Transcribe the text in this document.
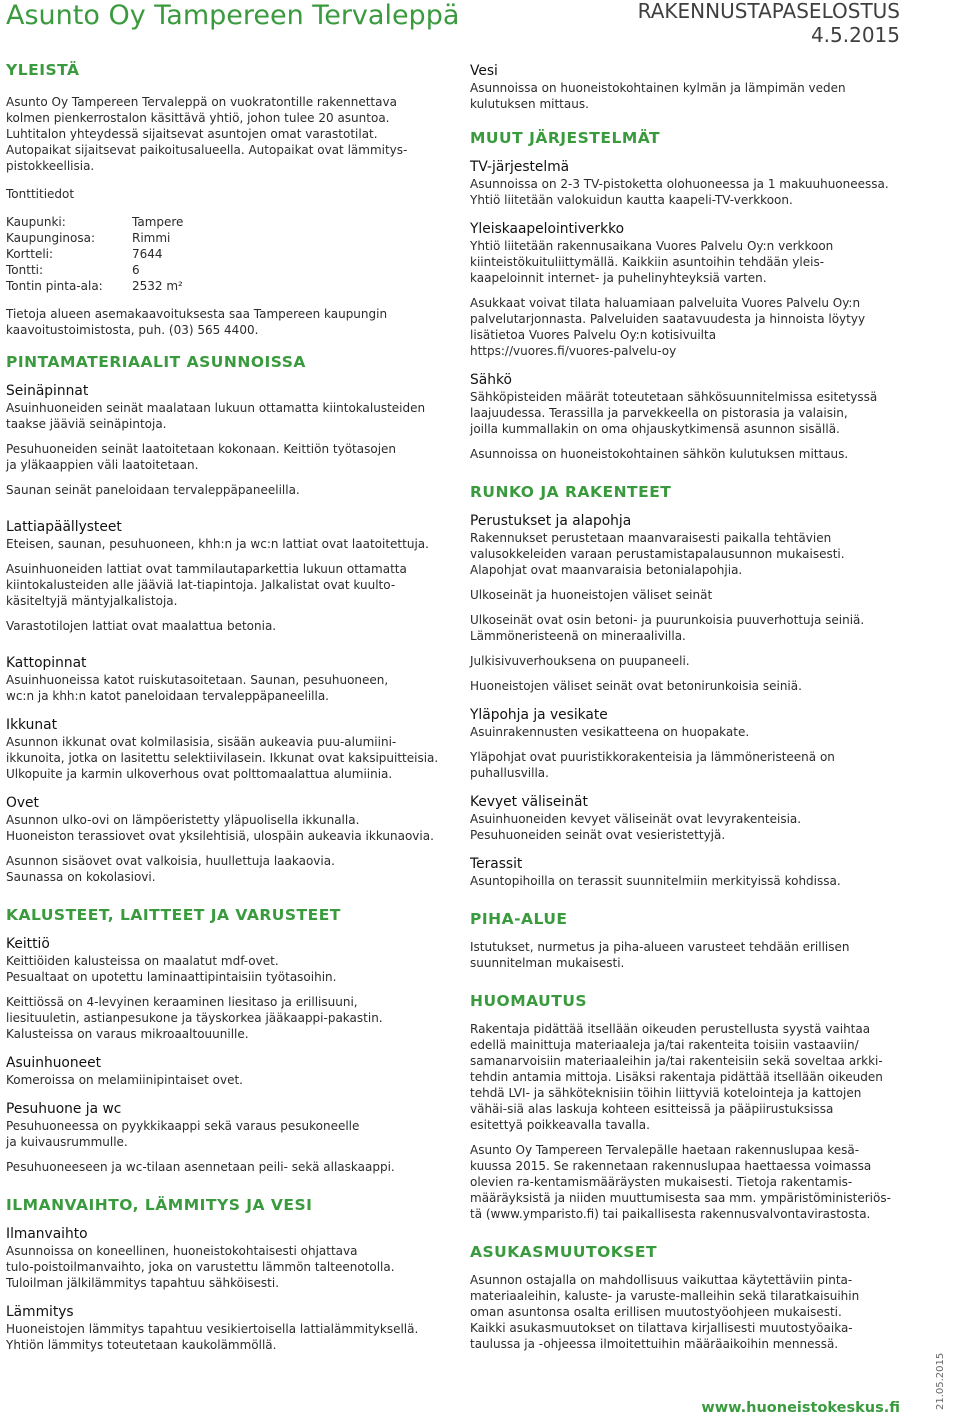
Asunto Oy Tampereen Tervaleppä	RAKENNUSTAPASELOSTUS
4.5.2015
YLEISTÄ
Asunto Oy Tampereen Tervaleppä on vuokratontille rakennettava
kolmen pienkerrostalon käsittävä yhtiö, johon tulee 20 asuntoa.
Luhtitalon yhteydessä sijaitsevat asuntojen omat varastotilat.
Autopaikat sijaitsevat paikoitusalueella. Autopaikat ovat lämmitys-
pistokkeellisia.
Tonttitiedot
Kaupunki:	Tampere
Kaupunginosa:	Rimmi
Kortteli:	7644
Tontti:	6
Tontin pinta-ala:	2532 m²
Tietoja alueen asemakaavoituksesta saa Tampereen kaupungin
kaavoitustoimistosta, puh. (03) 565 4400.
PINTAMATERIAALIT ASUNNOISSA
Seinäpinnat
Asuinhuoneiden seinät maalataan lukuun ottamatta kiintokalusteiden
taakse jääviä seinäpintoja.
Pesuhuoneiden seinät laatoitetaan kokonaan. Keittiön työtasojen
ja yläkaappien väli laatoitetaan.
Saunan seinät paneloidaan tervaleppäpaneelilla.
Lattiapäällysteet
Eteisen, saunan, pesuhuoneen, khh:n ja wc:n lattiat ovat laatoitettuja.
Asuinhuoneiden lattiat ovat tammilautaparkettia lukuun ottamatta
kiintokalusteiden alle jääviä lat-tiapintoja. Jalkalistat ovat kuulto-
käsiteltyjä mäntyjalkalistoja.
Varastotilojen lattiat ovat maalattua betonia.
Kattopinnat
Asuinhuoneissa katot ruiskutasoitetaan. Saunan, pesuhuoneen,
wc:n ja khh:n katot paneloidaan tervaleppäpaneelilla.
Ikkunat
Asunnon ikkunat ovat kolmilasisia, sisään aukeavia puu-alumiini-
ikkunoita, jotka on lasitettu selektiivilasein. Ikkunat ovat kaksipuitteisia. Ulkopuite ja karmin ulkoverhous ovat polttomaalattua alumiinia.
Ovet
Asunnon ulko-ovi on lämpöeristetty yläpuolisella ikkunalla.
Huoneiston terassiovet ovat yksilehtisiä, ulospäin aukeavia ikkunaovia.
Asunnon sisäovet ovat valkoisia, huullettuja laakaovia.
Saunassa on kokolasiovi.
KALUSTEET, LAITTEET JA VARUSTEET
Keittiö
Keittiöiden kalusteissa on maalatut mdf-ovet.
Pesualtaat on upotettu laminaattipintaisiin työtasoihin.
Keittiössä on 4-levyinen keraaminen liesitaso ja erillisuuni,
liesituuletin, astianpesukone ja täyskorkea jääkaappi-pakastin.
Kalusteissa on varaus mikroaaltouunille.
Asuinhuoneet
Komeroissa on melamiinipintaiset ovet.
Pesuhuone ja wc
Pesuhuoneessa on pyykkikaappi sekä varaus pesukoneelle
ja kuivausrummulle.
Pesuhuoneeseen ja wc-tilaan asennetaan peili- sekä allaskaappi.
ILMANVAIHTO, LÄMMITYS JA VESI
Ilmanvaihto
Asunnoissa on koneellinen, huoneistokohtaisesti ohjattava
tulo-poistoilmanvaihto, joka on varustettu lämmön talteenotolla.
Tuloilman jälkilämmitys tapahtuu sähköisesti.
Lämmitys
Huoneistojen lämmitys tapahtuu vesikiertoisella lattialämmityksellä.
Yhtiön lämmitys toteutetaan kaukolämmöllä.
Vesi
Asunnoissa on huoneistokohtainen kylmän ja lämpimän veden
kulutuksen mittaus.
MUUT JÄRJESTELMÄT
TV-järjestelmä
Asunnoissa on 2-3 TV-pistoketta olohuoneessa ja 1 makuuhuoneessa.
Yhtiö liitetään valokuidun kautta kaapeli-TV-verkkoon.
Yleiskaapelointiverkko
Yhtiö liitetään rakennusaikana Vuores Palvelu Oy:n verkkoon
kiinteistökuituliittymällä. Kaikkiin asuntoihin tehdään yleis-
kaapeloinnit internet- ja puhelinyhteyksiä varten.
Asukkaat voivat tilata haluamiaan palveluita Vuores Palvelu Oy:n
palvelutarjonnasta. Palveluiden saatavuudesta ja hinnoista löytyy
lisätietoa Vuores Palvelu Oy:n kotisivuilta
https://vuores.fi/vuores-palvelu-oy
Sähkö
Sähköpisteiden määrät toteutetaan sähkösuunnitelmissa esitetyssä
laajuudessa. Terassilla ja parvekkeella on pistorasia ja valaisin,
joilla kummallakin on oma ohjauskytkimensä asunnon sisällä.
Asunnoissa on huoneistokohtainen sähkön kulutuksen mittaus.
RUNKO JA RAKENTEET
Perustukset ja alapohja
Rakennukset perustetaan maanvaraisesti paikalla tehtävien
valusokkeleiden varaan perustamistapalausunnon mukaisesti.
Alapohjat ovat maanvaraisia betonialapohjia.
Ulkoseinät ja huoneistojen väliset seinät
Ulkoseinät ovat osin betoni- ja puurunkoisia puuverhottuja seiniä.
Lämmöneristeenä on mineraalivilla.
Julkisivuverhouksena on puupaneeli.
Huoneistojen väliset seinät ovat betonirunkoisia seiniä.
Yläpohja ja vesikate
Asuinrakennusten vesikatteena on huopakate.
Yläpohjat ovat puuristikkorakenteisia ja lämmöneristeenä on
puhallusvilla.
Kevyet väliseinät
Asuinhuoneiden kevyet väliseinät ovat levyrakenteisia.
Pesuhuoneiden seinät ovat vesieristettyjä.
Terassit
Asuntopihoilla on terassit suunnitelmiin merkityissä kohdissa.
PIHA-ALUE
Istutukset, nurmetus ja piha-alueen varusteet tehdään erillisen
suunnitelman mukaisesti.
HUOMAUTUS
Rakentaja pidättää itsellään oikeuden perustellusta syystä vaihtaa
edellä mainittuja materiaaleja ja/tai rakenteita toisiin vastaaviin/
samanarvoisiin materiaaleihin ja/tai rakenteisiin sekä soveltaa arkki-
tehdin antamia mittoja. Lisäksi rakentaja pidättää itsellään oikeuden
tehdä LVI- ja sähköteknisiin töihin liittyviä kotelointeja ja kattojen
vähäi-siä alas laskuja kohteen esitteissä ja pääpiirustuksissa
esitettyä poikkeavalla tavalla.
Asunto Oy Tampereen Tervalepälle haetaan rakennuslupaa kesä-
kuussa 2015. Se rakennetaan rakennuslupaa haettaessa voimassa
olevien ra-kentamismääräysten mukaisesti. Tietoja rakentamis-
määräyksistä ja niiden muuttumisesta saa mm. ympäristöministeriös-
tä (www.ymparisto.fi) tai paikallisesta rakennusvalvontavirastosta.
ASUKASMUUTOKSET
Asunnon ostajalla on mahdollisuus vaikuttaa käytettäviin pinta-
materiaaleihin, kaluste- ja varuste-malleihin sekä tilaratkaisuihin
oman asuntonsa osalta erillisen muutostyöohjeen mukaisesti.
Kaikki asukasmuutokset on tilattava kirjallisesti muutostyöaika-
taulussa ja -ohjeessa ilmoitettuihin määräaikoihin mennessä.
21.05.2015
www.huoneistokeskus.fi
